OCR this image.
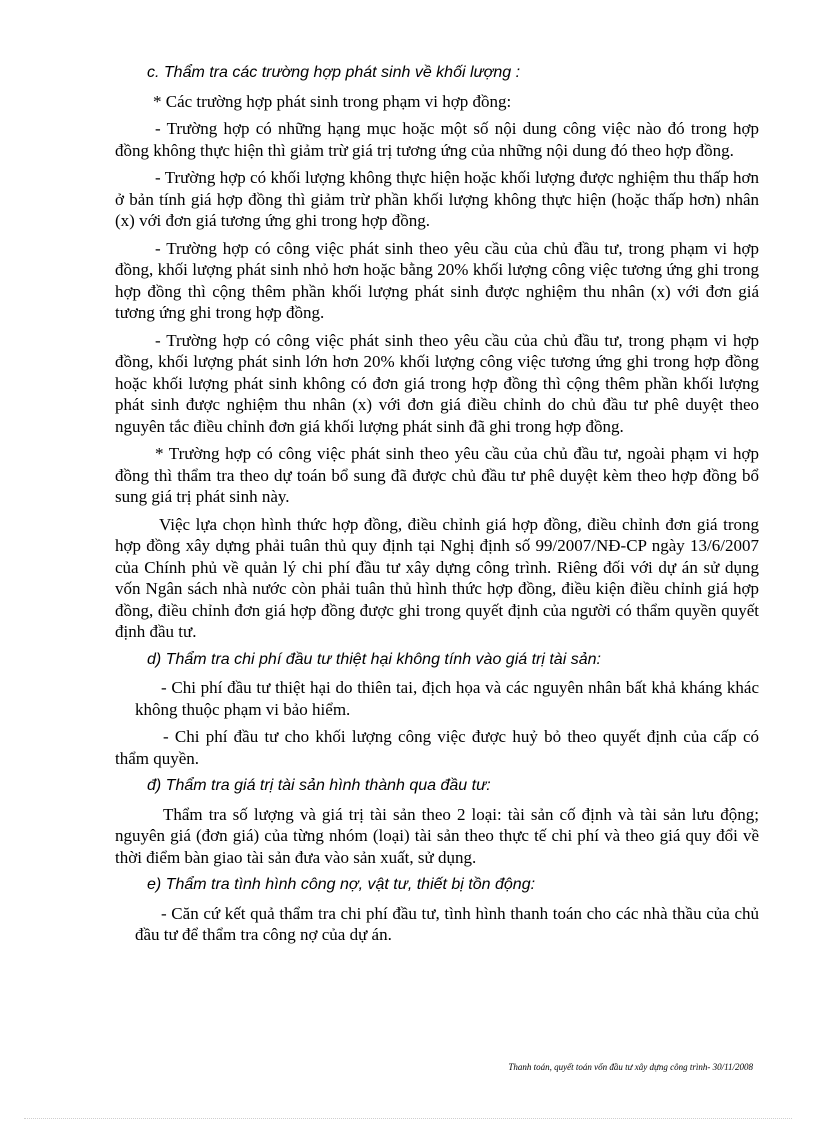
c. Thẩm tra các trường hợp phát sinh về khối lượng :

* Các trường hợp phát sinh trong phạm vi hợp đồng:

- Trường hợp có những hạng mục hoặc một số nội dung công việc nào đó trong hợp đồng không thực hiện thì giảm trừ giá trị tương ứng của những nội dung đó theo hợp đồng.

- Trường hợp có khối lượng không thực hiện hoặc khối lượng được nghiệm thu thấp hơn ở bản tính giá hợp đồng thì giảm trừ phần khối lượng không thực hiện (hoặc thấp hơn) nhân (x) với đơn giá tương ứng ghi trong hợp đồng.

- Trường hợp có công việc phát sinh theo yêu cầu của chủ đầu tư, trong phạm vi hợp đồng, khối lượng phát sinh nhỏ hơn hoặc bằng 20% khối lượng công việc tương ứng ghi trong hợp đồng thì cộng thêm phần khối lượng phát sinh được nghiệm thu nhân (x) với đơn giá tương ứng ghi trong hợp đồng.

- Trường hợp có công việc phát sinh theo yêu cầu của chủ đầu tư, trong phạm vi hợp đồng, khối lượng phát sinh lớn hơn 20% khối lượng công việc tương ứng ghi trong hợp đồng hoặc khối lượng phát sinh không có đơn giá trong hợp đồng thì cộng thêm phần khối lượng phát sinh được nghiệm thu nhân (x) với đơn giá điều chỉnh do chủ đầu tư phê duyệt theo nguyên tắc điều chỉnh đơn giá khối lượng phát sinh đã ghi trong hợp đồng.

* Trường hợp có công việc phát sinh theo yêu cầu của chủ đầu tư, ngoài phạm vi hợp đồng thì thẩm tra theo dự toán bổ sung đã được chủ đầu tư phê duyệt kèm theo hợp đồng bổ sung giá trị phát sinh này.

Việc lựa chọn hình thức hợp đồng, điều chỉnh giá hợp đồng, điều chỉnh đơn giá trong hợp đồng xây dựng phải tuân thủ quy định tại Nghị định số 99/2007/NĐ-CP ngày 13/6/2007 của Chính phủ về quản lý chi phí đầu tư xây dựng công trình. Riêng đối với dự án sử dụng vốn Ngân sách nhà nước còn phải tuân thủ hình thức hợp đồng, điều kiện điều chỉnh giá hợp đồng, điều chỉnh đơn giá hợp đồng được ghi trong quyết định của người có thẩm quyền quyết định đầu tư.

d) Thẩm tra chi phí đầu tư thiệt hại không tính vào giá trị tài sản:

- Chi phí đầu tư thiệt hại do thiên tai, địch họa và các nguyên nhân bất khả kháng khác không thuộc phạm vi bảo hiểm.

- Chi phí đầu tư cho khối lượng công việc được huỷ bỏ theo quyết định của cấp có thẩm quyền.

đ) Thẩm tra giá trị tài sản hình thành qua đầu tư:

Thẩm tra số lượng và giá trị tài sản theo 2 loại: tài sản cố định và tài sản lưu động; nguyên giá (đơn giá) của từng nhóm (loại) tài sản theo thực tế chi phí và theo giá quy đổi về thời điểm bàn giao tài sản đưa vào sản xuất, sử dụng.

e) Thẩm tra tình hình công nợ, vật tư, thiết bị tồn động:

- Căn cứ kết quả thẩm tra chi phí đầu tư, tình hình thanh toán cho các nhà thầu của chủ đầu tư để thẩm tra công nợ của dự án.

Thanh toán, quyết toán vốn đầu tư xây dựng công trình- 30/11/2008
